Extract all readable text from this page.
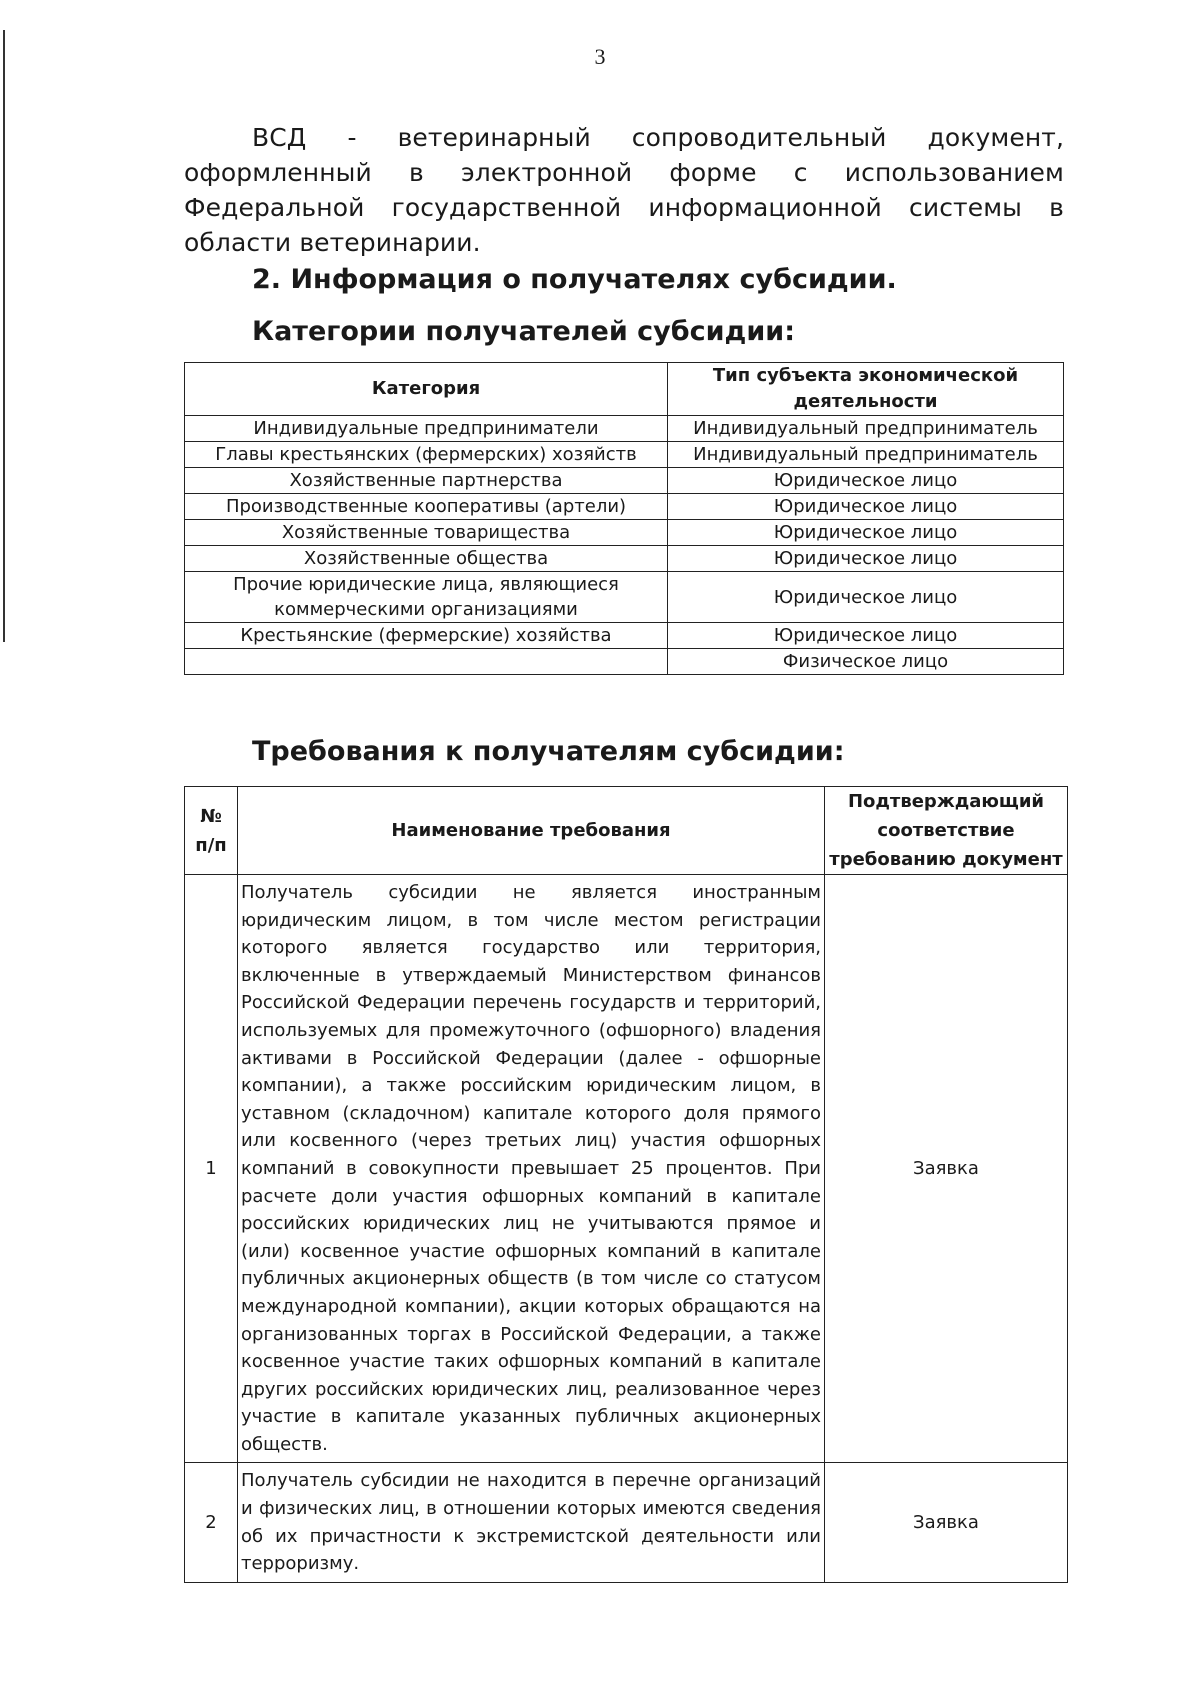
3

ВСД - ветеринарный сопроводительный документ, оформленный в электронной форме с использованием Федеральной государственной информационной системы в области ветеринарии.

2. Информация о получателях субсидии.
Категории получателей субсидии:
Категория	Тип субъекта экономической деятельности
Индивидуальные предприниматели	Индивидуальный предприниматель
Главы крестьянских (фермерских) хозяйств	Индивидуальный предприниматель
Хозяйственные партнерства	Юридическое лицо
Производственные кооперативы (артели)	Юридическое лицо
Хозяйственные товарищества	Юридическое лицо
Хозяйственные общества	Юридическое лицо
Прочие юридические лица, являющиеся коммерческими организациями	Юридическое лицо
Крестьянские (фермерские) хозяйства	Юридическое лицо
	Физическое лицо
Требования к получателям субсидии:
№ п/п	Наименование требования	Подтверждающий соответствие требованию документ
1	Получатель субсидии не является иностранным юридическим лицом, в том числе местом регистрации которого является государство или территория, включенные в утверждаемый Министерством финансов Российской Федерации перечень государств и территорий, используемых для промежуточного (офшорного) владения активами в Российской Федерации (далее - офшорные компании), а также российским юридическим лицом, в уставном (складочном) капитале которого доля прямого или косвенного (через третьих лиц) участия офшорных компаний в совокупности превышает 25 процентов. При расчете доли участия офшорных компаний в капитале российских юридических лиц не учитываются прямое и (или) косвенное участие офшорных компаний в капитале публичных акционерных обществ (в том числе со статусом международной компании), акции которых обращаются на организованных торгах в Российской Федерации, а также косвенное участие таких офшорных компаний в капитале других российских юридических лиц, реализованное через участие в капитале указанных публичных акционерных обществ.	Заявка
2	Получатель субсидии не находится в перечне организаций и физических лиц, в отношении которых имеются сведения об их причастности к экстремистской деятельности или терроризму.	Заявка
